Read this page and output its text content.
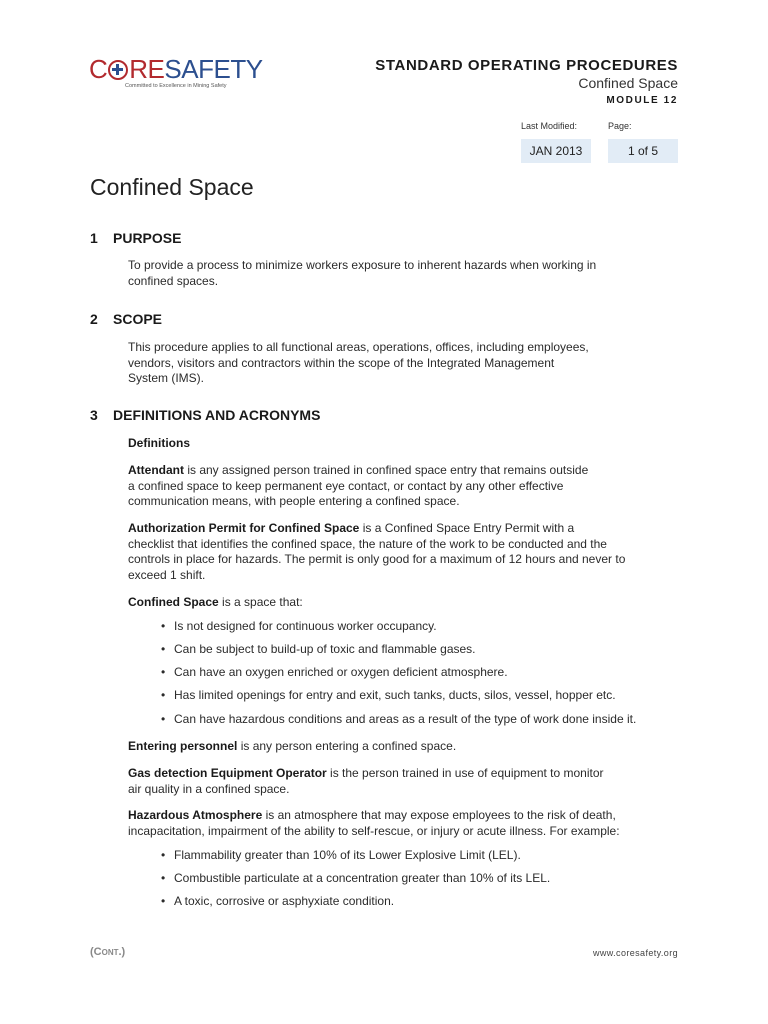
C RESAFETY
Committed to Excellence in Mining Safety
STANDARD OPERATING PROCEDURES
Confined Space
MODULE 12
Last Modified:	Page:
JAN 2013	1 of 5
Confined Space
1 PURPOSE
To provide a process to minimize workers exposure to inherent hazards when working in
confined spaces.
2 SCOPE
This procedure applies to all functional areas, operations, offices, including employees,
vendors, visitors and contractors within the scope of the Integrated Management
System (IMS).
3 DEFINITIONS AND ACRONYMS
Definitions
Attendant is any assigned person trained in confined space entry that remains outside
a confined space to keep permanent eye contact, or contact by any other effective
communication means, with people entering a confined space.
Authorization Permit for Confined Space is a Confined Space Entry Permit with a
checklist that identifies the confined space, the nature of the work to be conducted and the
controls in place for hazards. The permit is only good for a maximum of 12 hours and never to
exceed 1 shift.
Confined Space is a space that:
• Is not designed for continuous worker occupancy.
• Can be subject to build-up of toxic and flammable gases.
• Can have an oxygen enriched or oxygen deficient atmosphere.
• Has limited openings for entry and exit, such tanks, ducts, silos, vessel, hopper etc.
• Can have hazardous conditions and areas as a result of the type of work done inside it.
Entering personnel is any person entering a confined space.
Gas detection Equipment Operator is the person trained in use of equipment to monitor
air quality in a confined space.
Hazardous Atmosphere is an atmosphere that may expose employees to the risk of death,
incapacitation, impairment of the ability to self-rescue, or injury or acute illness. For example:
• Flammability greater than 10% of its Lower Explosive Limit (LEL).
• Combustible particulate at a concentration greater than 10% of its LEL.
• A toxic, corrosive or asphyxiate condition.
(Cont.)	www.coresafety.org
